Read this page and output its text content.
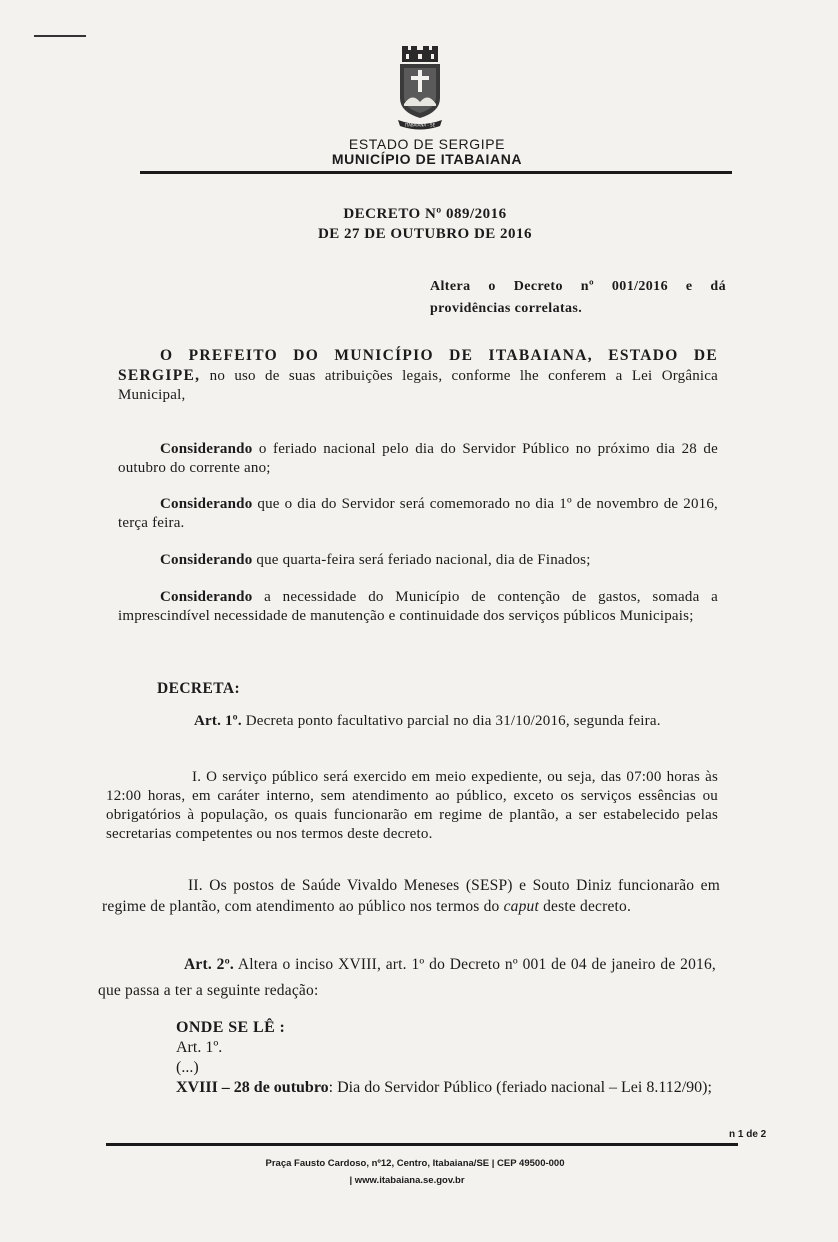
ITABAIANA - SE
ESTADO DE SERGIPE
MUNICÍPIO DE ITABAIANA
DECRETO Nº 089/2016
DE 27 DE OUTUBRO DE 2016
Altera o Decreto nº 001/2016 e dá providências correlatas.
O PREFEITO DO MUNICÍPIO DE ITABAIANA, ESTADO DE SERGIPE, no uso de suas atribuições legais, conforme lhe conferem a Lei Orgânica Municipal,
Considerando o feriado nacional pelo dia do Servidor Público no próximo dia 28 de outubro do corrente ano;
Considerando que o dia do Servidor será comemorado no dia 1º de novembro de 2016, terça feira.
Considerando que quarta-feira será feriado nacional, dia de Finados;
Considerando a necessidade do Município de contenção de gastos, somada a imprescindível necessidade de manutenção e continuidade dos serviços públicos Municipais;
DECRETA:
Art. 1º. Decreta ponto facultativo parcial no dia 31/10/2016, segunda feira.
I. O serviço público será exercido em meio expediente, ou seja, das 07:00 horas às 12:00 horas, em caráter interno, sem atendimento ao público, exceto os serviços essências ou obrigatórios à população, os quais funcionarão em regime de plantão, a ser estabelecido pelas secretarias competentes ou nos termos deste decreto.
II. Os postos de Saúde Vivaldo Meneses (SESP) e Souto Diniz funcionarão em regime de plantão, com atendimento ao público nos termos do caput deste decreto.
Art. 2º. Altera o inciso XVIII, art. 1º do Decreto nº 001 de 04 de janeiro de 2016, que passa a ter a seguinte redação:
ONDE SE LÊ :
Art. 1º.
(...)
XVIII – 28 de outubro: Dia do Servidor Público (feriado nacional – Lei 8.112/90);
n 1 de 2
Praça Fausto Cardoso, nº12, Centro, Itabaiana/SE | CEP 49500-000
| www.itabaiana.se.gov.br
